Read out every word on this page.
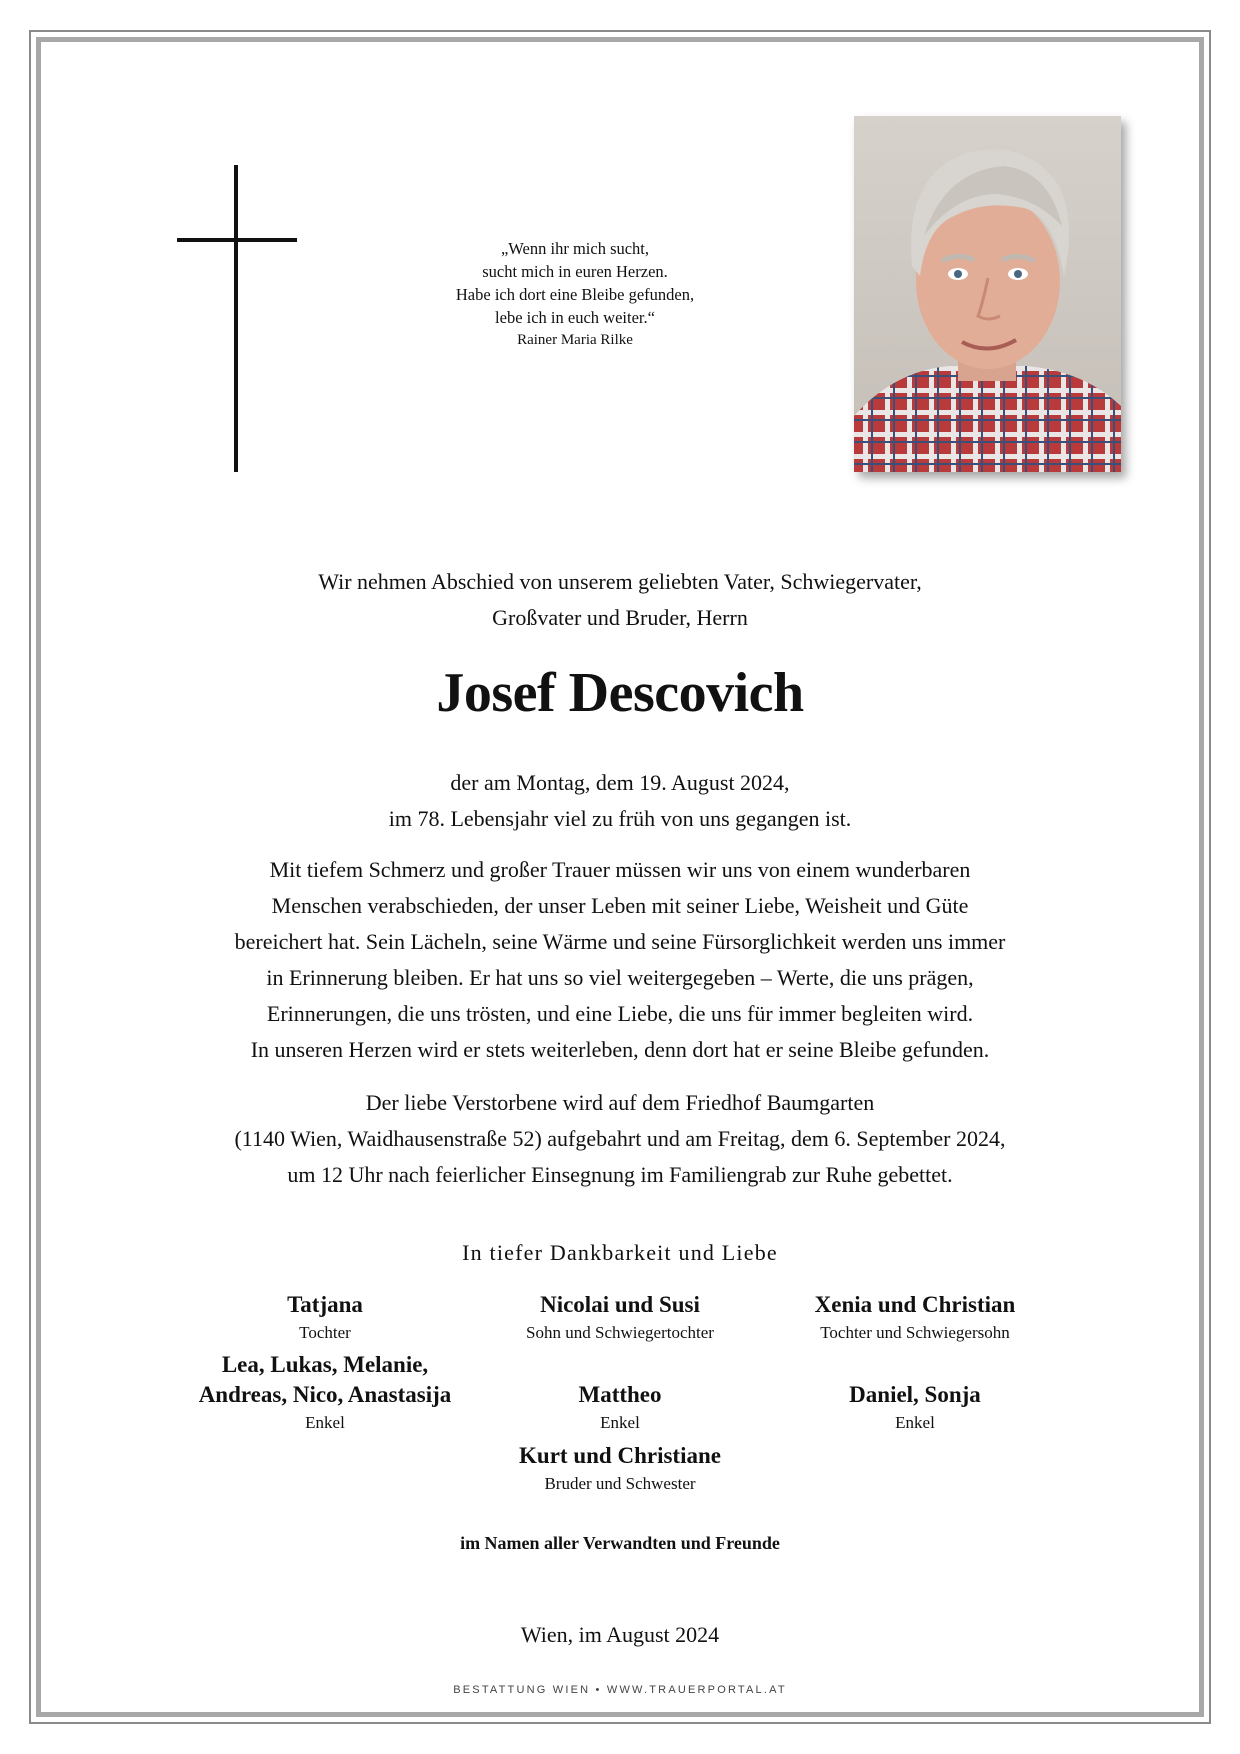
„Wenn ihr mich sucht,
sucht mich in euren Herzen.
Habe ich dort eine Bleibe gefunden,
lebe ich in euch weiter.“
Rainer Maria Rilke
Wir nehmen Abschied von unserem geliebten Vater, Schwiegervater,
Großvater und Bruder, Herrn
Josef Descovich
der am Montag, dem 19. August 2024,
im 78. Lebensjahr viel zu früh von uns gegangen ist.
Mit tiefem Schmerz und großer Trauer müssen wir uns von einem wunderbaren
Menschen verabschieden, der unser Leben mit seiner Liebe, Weisheit und Güte
bereichert hat. Sein Lächeln, seine Wärme und seine Fürsorglichkeit werden uns immer
in Erinnerung bleiben. Er hat uns so viel weitergegeben – Werte, die uns prägen,
Erinnerungen, die uns trösten, und eine Liebe, die uns für immer begleiten wird.
In unseren Herzen wird er stets weiterleben, denn dort hat er seine Bleibe gefunden.
Der liebe Verstorbene wird auf dem Friedhof Baumgarten
(1140 Wien, Waidhausenstraße 52) aufgebahrt und am Freitag, dem 6. September 2024,
um 12 Uhr nach feierlicher Einsegnung im Familiengrab zur Ruhe gebettet.
In tiefer Dankbarkeit und Liebe
Tatjana
Tochter
Nicolai und Susi
Sohn und Schwiegertochter
Xenia und Christian
Tochter und Schwiegersohn
Lea, Lukas, Melanie,
Andreas, Nico, Anastasija
Enkel
Mattheo
Enkel
Daniel, Sonja
Enkel
Kurt und Christiane
Bruder und Schwester
im Namen aller Verwandten und Freunde
Wien, im August 2024
BESTATTUNG WIEN • WWW.TRAUERPORTAL.AT
